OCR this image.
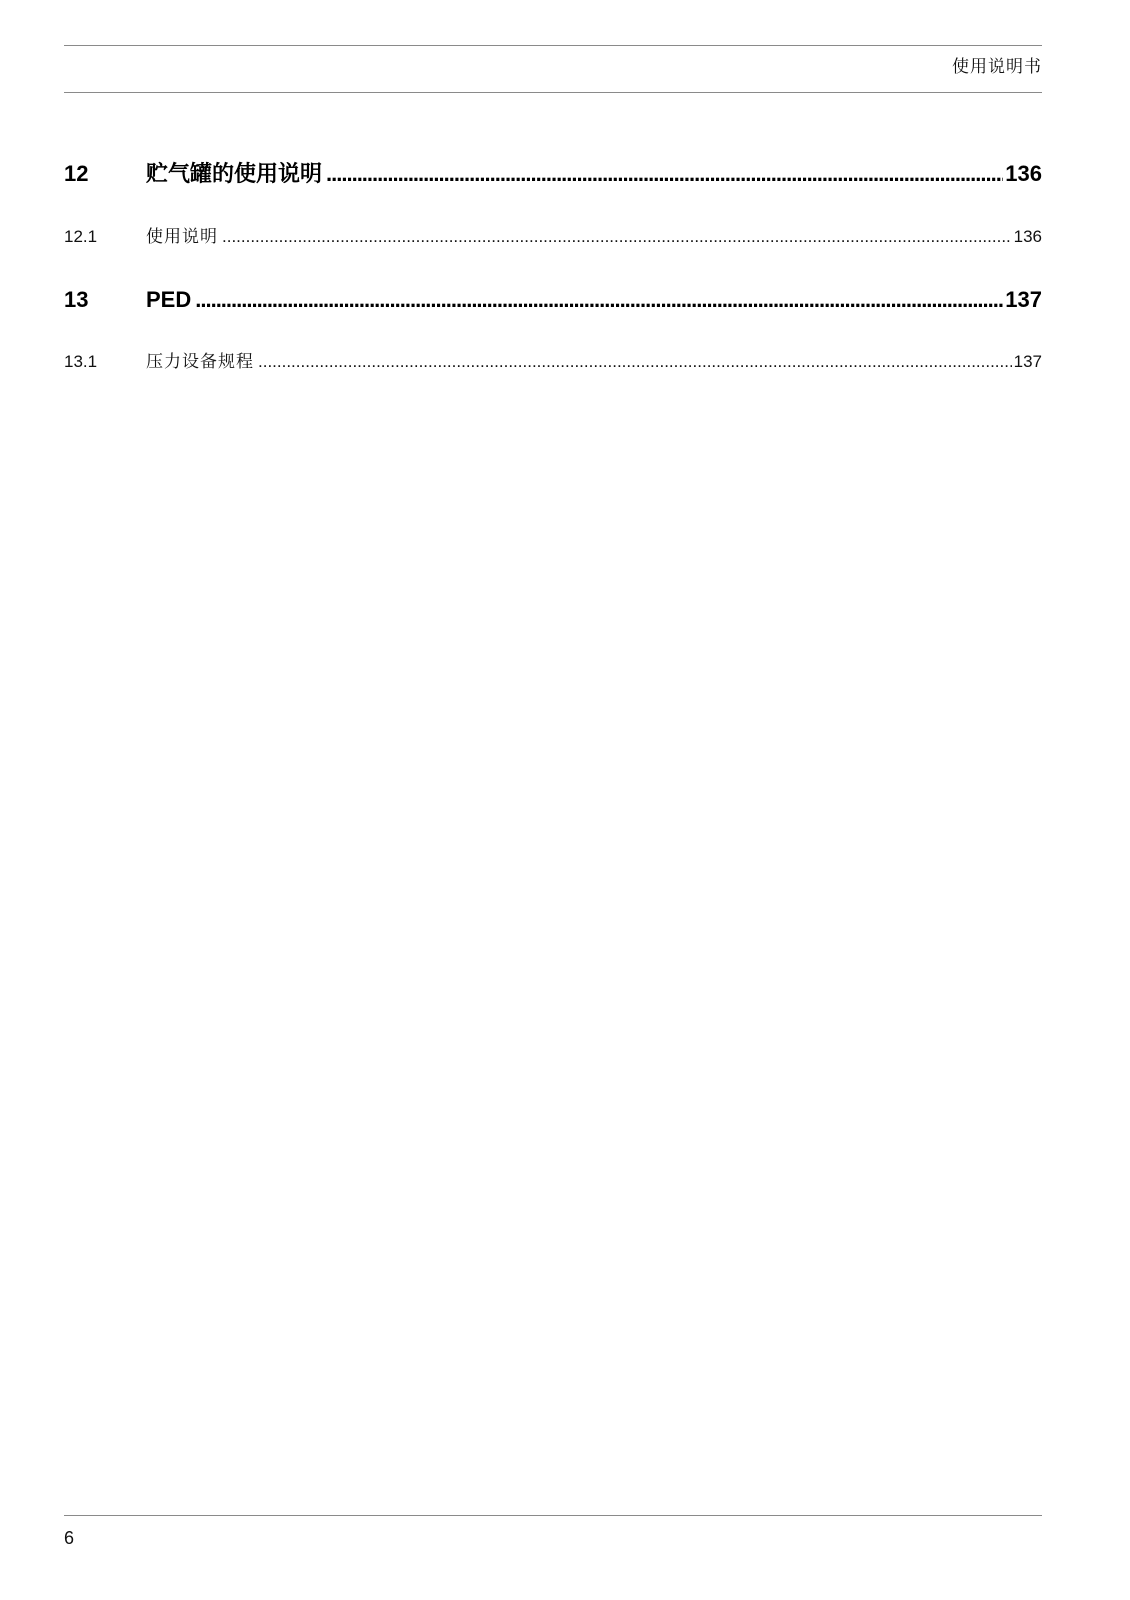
使用说明书
12	贮气罐的使用说明 .....	136
12.1	使用说明 .....	136
13	PED .....	137
13.1	压力设备规程 .....	137
6
